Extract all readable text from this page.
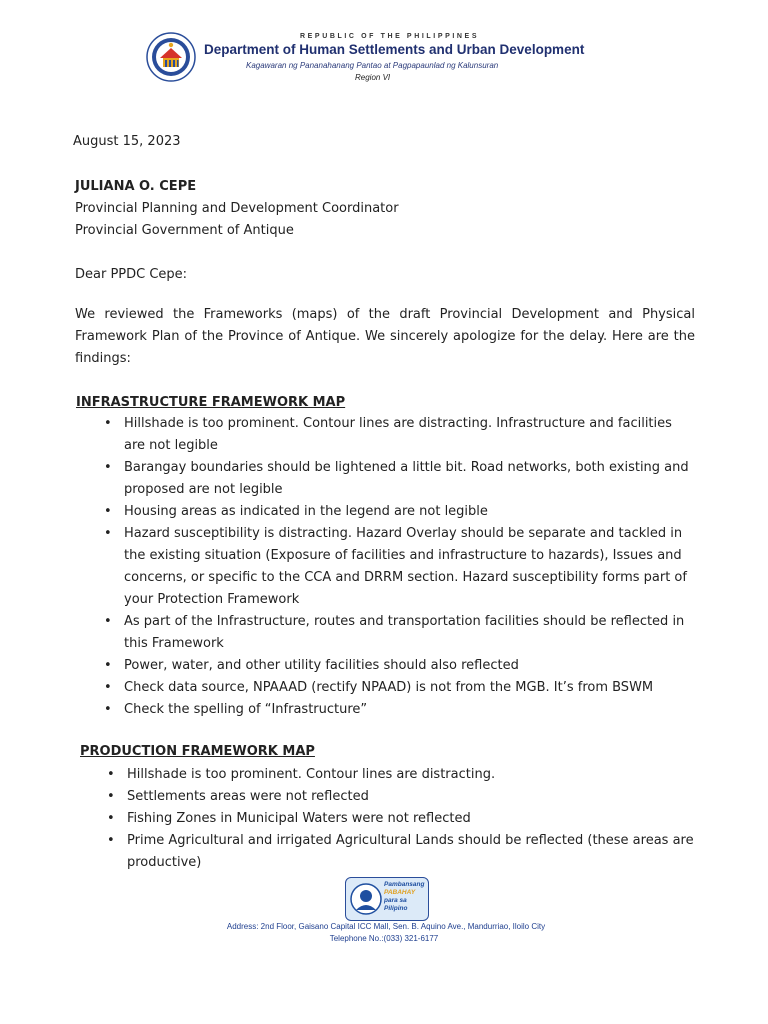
REPUBLIC OF THE PHILIPPINES
Department of Human Settlements and Urban Development
Kagawaran ng Pananahanang Pantao at Pagpapaunlad ng Kalunsuran
Region VI
August 15, 2023
JULIANA O. CEPE
Provincial Planning and Development Coordinator
Provincial Government of Antique
Dear PPDC Cepe:
We reviewed the Frameworks (maps) of the draft Provincial Development and Physical Framework Plan of the Province of Antique. We sincerely apologize for the delay. Here are the findings:
INFRASTRUCTURE FRAMEWORK MAP
• Hillshade is too prominent. Contour lines are distracting. Infrastructure and facilities are not legible
• Barangay boundaries should be lightened a little bit. Road networks, both existing and proposed are not legible
• Housing areas as indicated in the legend are not legible
• Hazard susceptibility is distracting. Hazard Overlay should be separate and tackled in the existing situation (Exposure of facilities and infrastructure to hazards), Issues and concerns, or specific to the CCA and DRRM section. Hazard susceptibility forms part of your Protection Framework
• As part of the Infrastructure, routes and transportation facilities should be reflected in this Framework
• Power, water, and other utility facilities should also reflected
• Check data source, NPAAAD (rectify NPAAD) is not from the MGB. It’s from BSWM
• Check the spelling of “Infrastructure”
PRODUCTION FRAMEWORK MAP
• Hillshade is too prominent. Contour lines are distracting.
• Settlements areas were not reflected
• Fishing Zones in Municipal Waters were not reflected
• Prime Agricultural and irrigated Agricultural Lands should be reflected (these areas are productive)
Pambansang
PABAHAY
para sa
Pilipino
Address: 2nd Floor, Gaisano Capital ICC Mall, Sen. B. Aquino Ave., Mandurriao, Iloilo City
Telephone No.:(033) 321-6177
